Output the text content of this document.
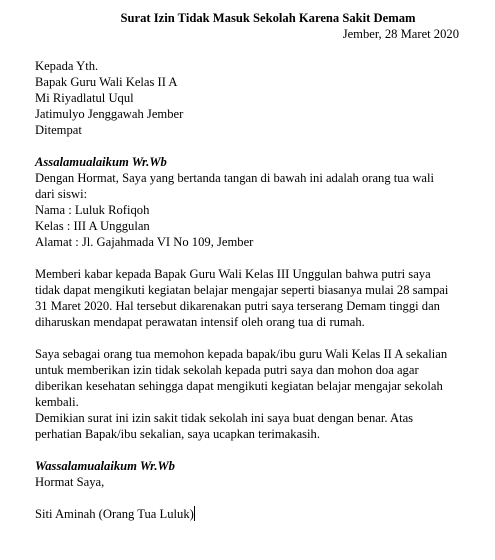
Surat Izin Tidak Masuk Sekolah Karena Sakit Demam
Jember, 28 Maret 2020
Kepada Yth.
Bapak Guru Wali Kelas II A
Mi Riyadlatul Uqul
Jatimulyo Jenggawah Jember
Ditempat
Assalamualaikum Wr.Wb
Dengan Hormat, Saya yang bertanda tangan di bawah ini adalah orang tua wali
dari siswi:
Nama : Luluk Rofiqoh
Kelas : III A Unggulan
Alamat : Jl. Gajahmada VI No 109, Jember
Memberi kabar kepada Bapak Guru Wali Kelas III Unggulan bahwa putri saya
tidak dapat mengikuti kegiatan belajar mengajar seperti biasanya mulai 28 sampai
31 Maret 2020. Hal tersebut dikarenakan putri saya terserang Demam tinggi dan
diharuskan mendapat perawatan intensif oleh orang tua di rumah.
Saya sebagai orang tua memohon kepada bapak/ibu guru Wali Kelas II A sekalian
untuk memberikan izin tidak sekolah kepada putri saya dan mohon doa agar
diberikan kesehatan sehingga dapat mengikuti kegiatan belajar mengajar sekolah
kembali.
Demikian surat ini izin sakit tidak sekolah ini saya buat dengan benar. Atas
perhatian Bapak/ibu sekalian, saya ucapkan terimakasih.
Wassalamualaikum Wr.Wb
Hormat Saya,
Siti Aminah (Orang Tua Luluk)
